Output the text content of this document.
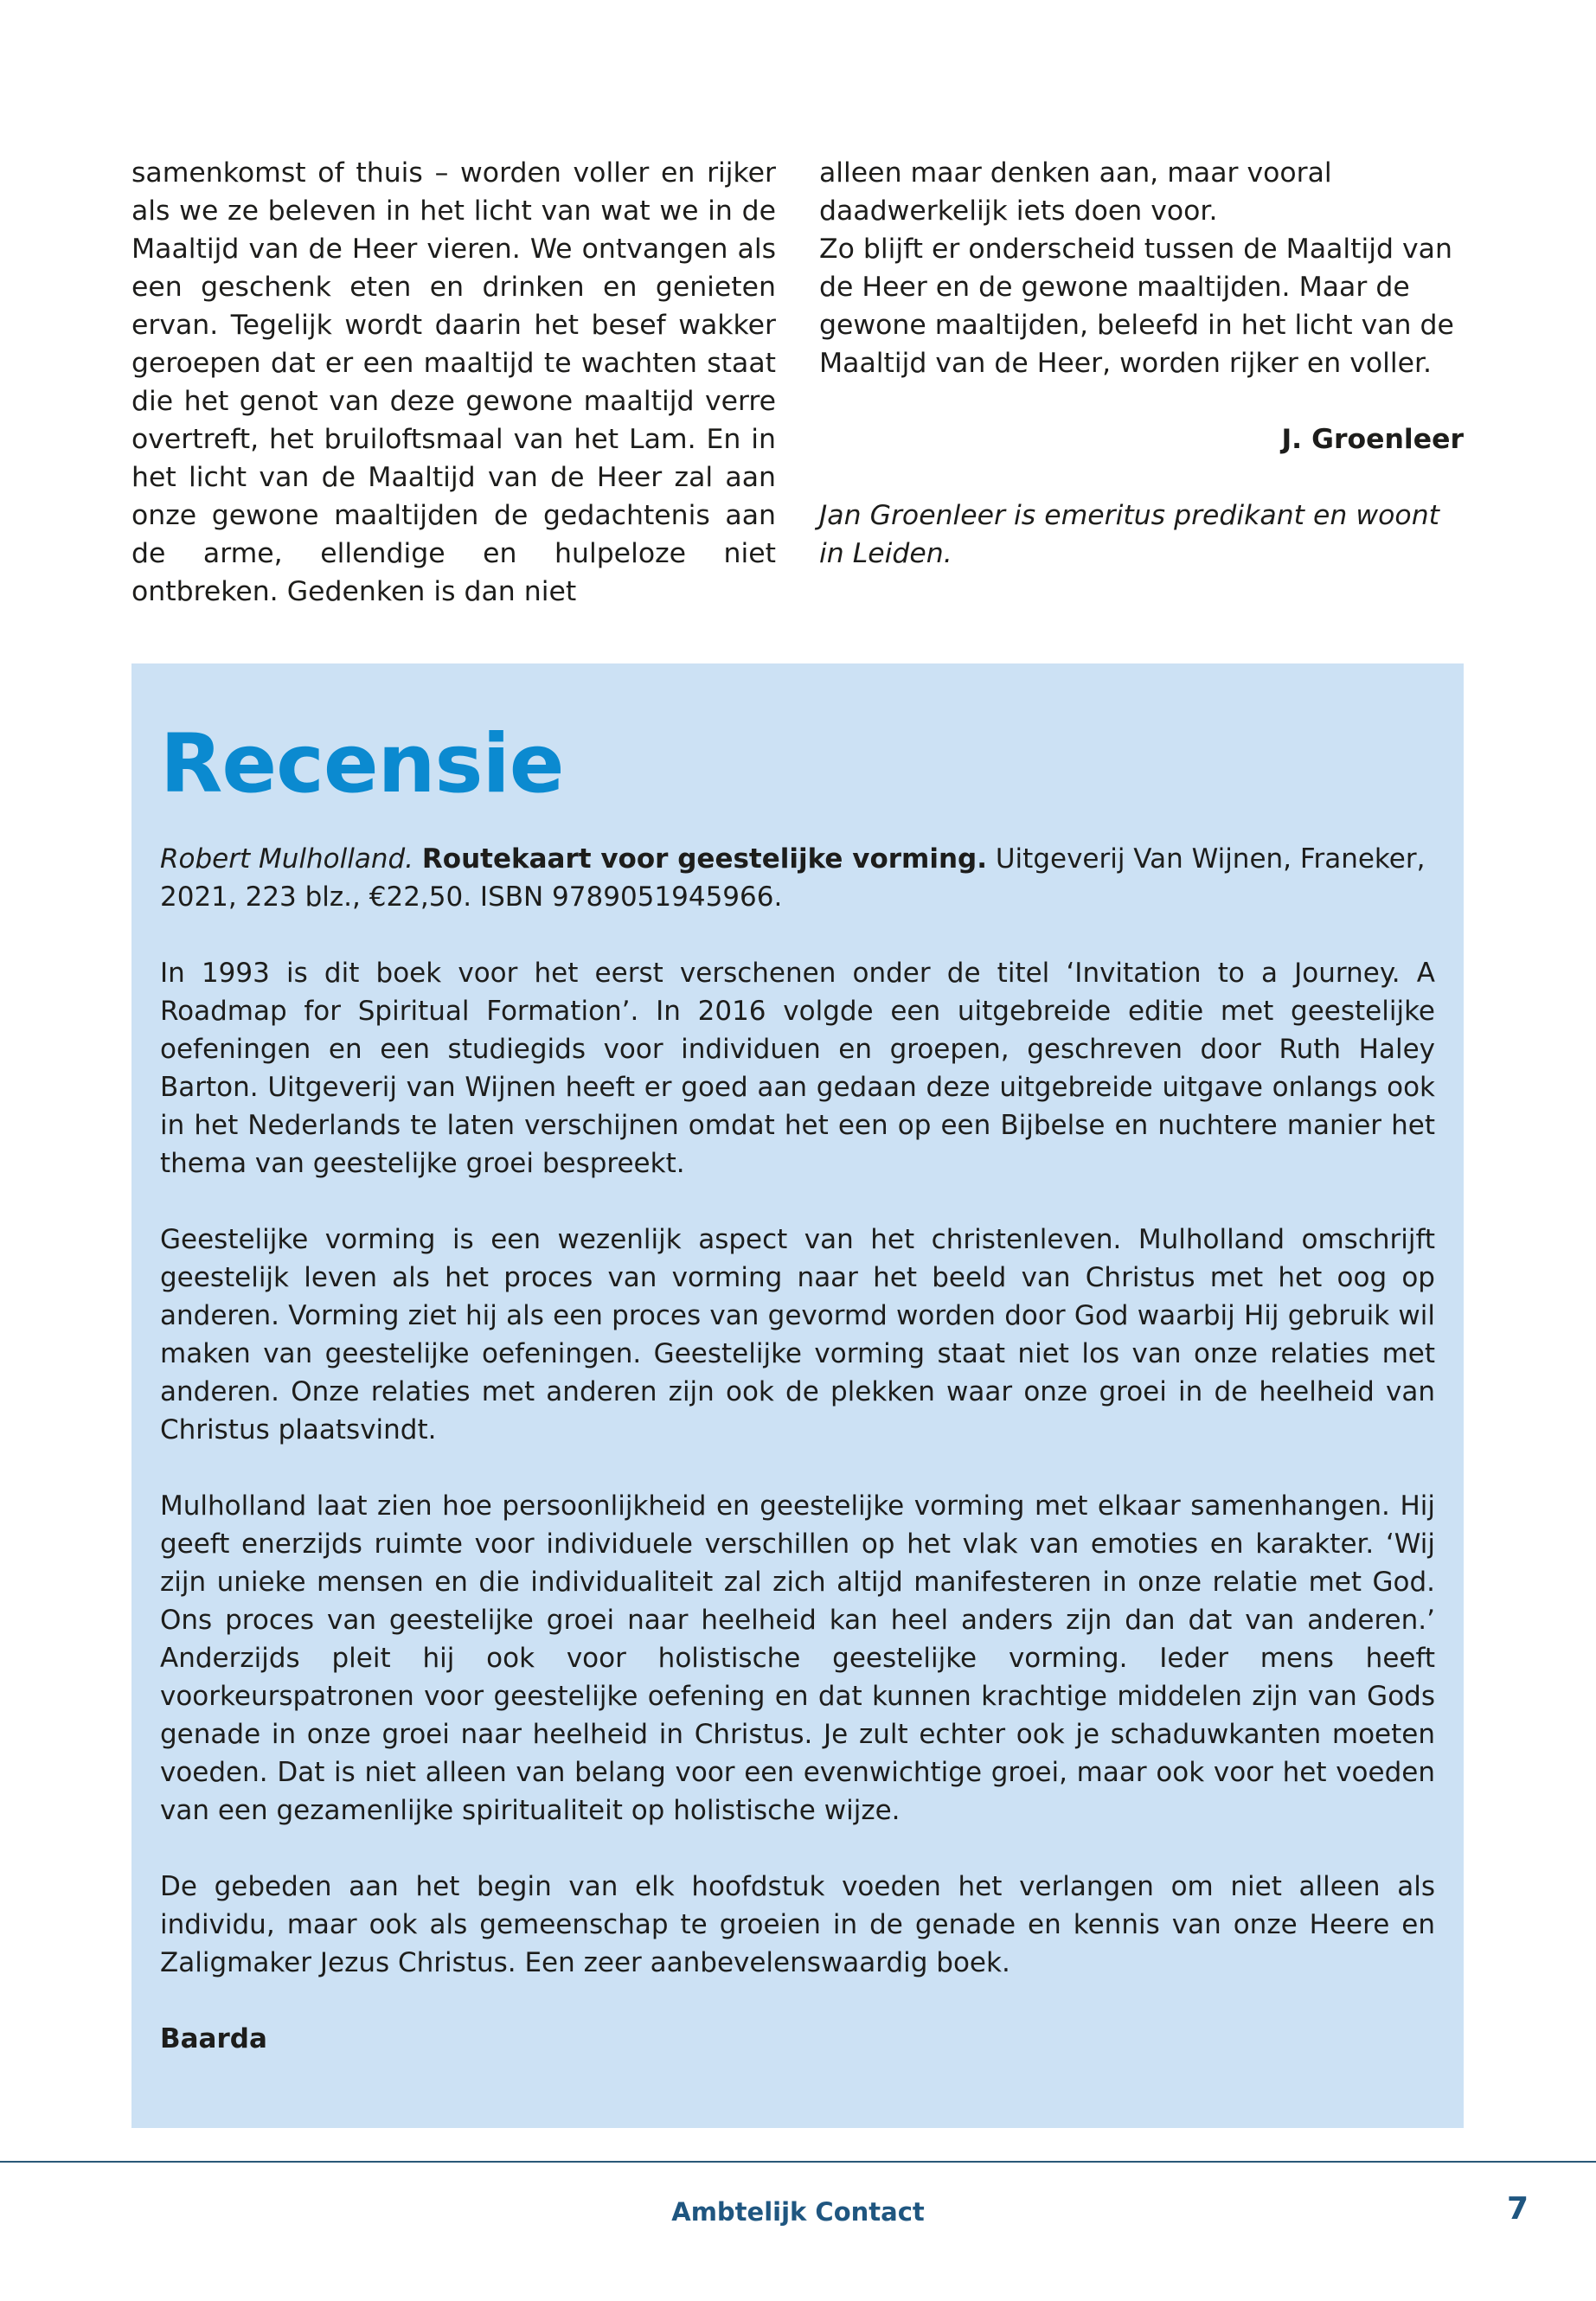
samenkomst of thuis – worden voller en rijker als we ze beleven in het licht van wat we in de Maaltijd van de Heer vieren. We ontvangen als een geschenk eten en drinken en genieten ervan. Tegelijk wordt daarin het besef wakker geroepen dat er een maaltijd te wachten staat die het genot van deze gewone maaltijd verre overtreft, het bruiloftsmaal van het Lam. En in het licht van de Maaltijd van de Heer zal aan onze gewone maaltijden de gedachtenis aan de arme, ellendige en hulpeloze niet ontbreken. Gedenken is dan niet

alleen maar denken aan, maar vooral daadwerkelijk iets doen voor.

Zo blijft er onderscheid tussen de Maaltijd van de Heer en de gewone maaltijden. Maar de gewone maaltijden, beleefd in het licht van de Maaltijd van de Heer, worden rijker en voller.

J. Groenleer

Jan Groenleer is emeritus predikant en woont in Leiden.

Recensie

Robert Mulholland. Routekaart voor geestelijke vorming. Uitgeverij Van Wijnen, Franeker, 2021, 223 blz., €22,50. ISBN 9789051945966.

In 1993 is dit boek voor het eerst verschenen onder de titel ‘Invitation to a Journey. A Roadmap for Spiritual Formation’. In 2016 volgde een uitgebreide editie met geestelijke oefeningen en een studiegids voor individuen en groepen, geschreven door Ruth Haley Barton. Uitgeverij van Wijnen heeft er goed aan gedaan deze uitgebreide uitgave onlangs ook in het Nederlands te laten verschijnen omdat het een op een Bijbelse en nuchtere manier het thema van geestelijke groei bespreekt.

Geestelijke vorming is een wezenlijk aspect van het christenleven. Mulholland omschrijft geestelijk leven als het proces van vorming naar het beeld van Christus met het oog op anderen. Vorming ziet hij als een proces van gevormd worden door God waarbij Hij gebruik wil maken van geestelijke oefeningen. Geestelijke vorming staat niet los van onze relaties met anderen. Onze relaties met anderen zijn ook de plekken waar onze groei in de heelheid van Christus plaatsvindt.

Mulholland laat zien hoe persoonlijkheid en geestelijke vorming met elkaar samenhangen. Hij geeft enerzijds ruimte voor individuele verschillen op het vlak van emoties en karakter. ‘Wij zijn unieke mensen en die individualiteit zal zich altijd manifesteren in onze relatie met God. Ons proces van geestelijke groei naar heelheid kan heel anders zijn dan dat van anderen.’ Anderzijds pleit hij ook voor holistische geestelijke vorming. Ieder mens heeft voorkeurspatronen voor geestelijke oefening en dat kunnen krachtige middelen zijn van Gods genade in onze groei naar heelheid in Christus. Je zult echter ook je schaduwkanten moeten voeden. Dat is niet alleen van belang voor een evenwichtige groei, maar ook voor het voeden van een gezamenlijke spiritualiteit op holistische wijze.

De gebeden aan het begin van elk hoofdstuk voeden het verlangen om niet alleen als individu, maar ook als gemeenschap te groeien in de genade en kennis van onze Heere en Zaligmaker Jezus Christus. Een zeer aanbevelenswaardig boek.

Baarda

Ambtelijk Contact	7
